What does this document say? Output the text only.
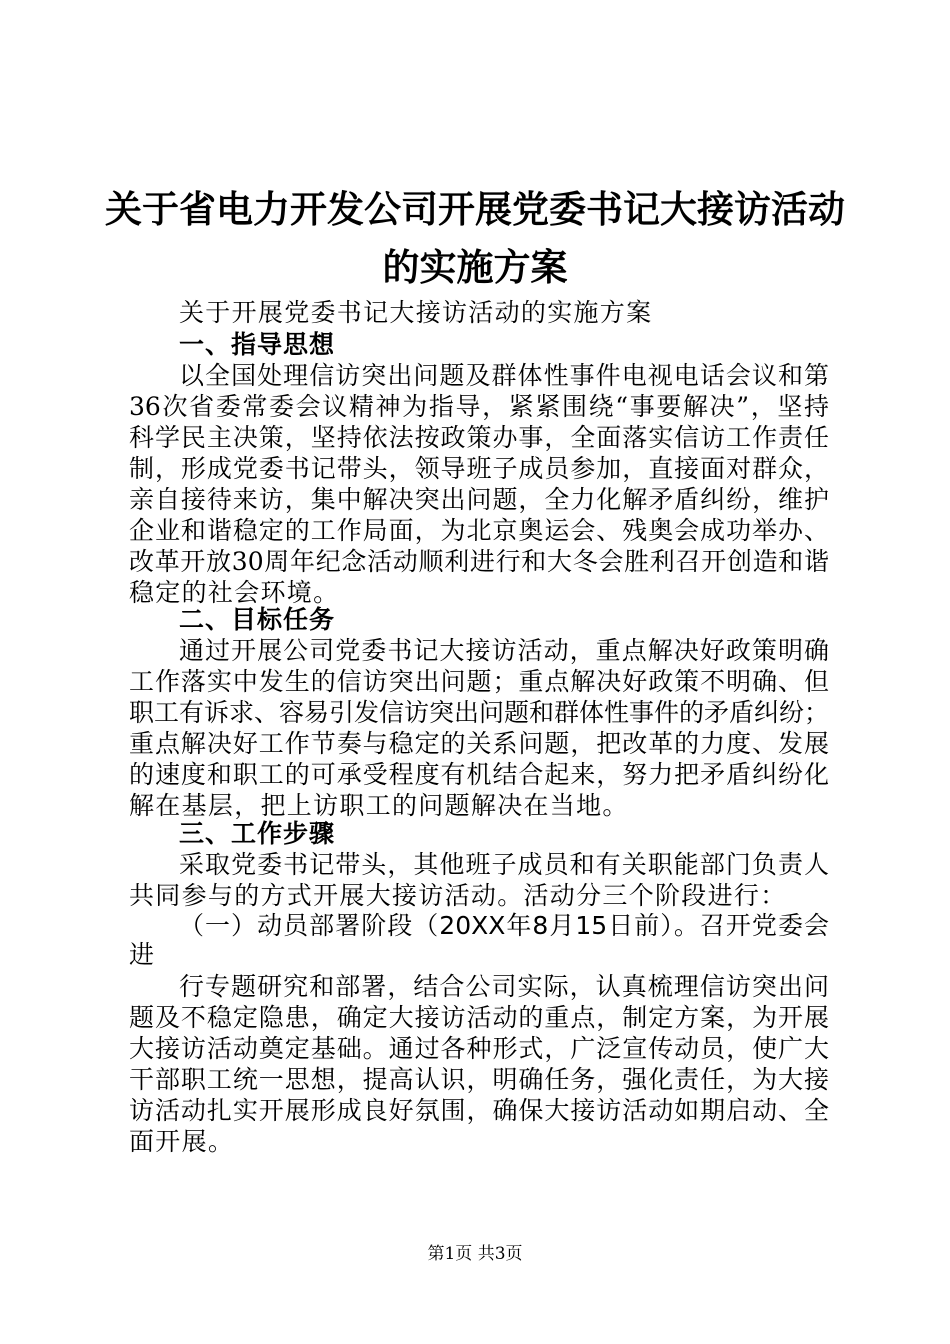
关于省电力开发公司开展党委书记大接访活动
的实施方案
关于开展党委书记大接访活动的实施方案
一、指导思想
以全国处理信访突出问题及群体性事件电视电话会议和第
36次省委常委会议精神为指导，紧紧围绕“事要解决”，坚持
科学民主决策，坚持依法按政策办事，全面落实信访工作责任
制，形成党委书记带头，领导班子成员参加，直接面对群众，
亲自接待来访，集中解决突出问题，全力化解矛盾纠纷，维护
企业和谐稳定的工作局面，为北京奥运会、残奥会成功举办、
改革开放30周年纪念活动顺利进行和大冬会胜利召开创造和谐
稳定的社会环境。
二、目标任务
通过开展公司党委书记大接访活动，重点解决好政策明确
工作落实中发生的信访突出问题；重点解决好政策不明确、但
职工有诉求、容易引发信访突出问题和群体性事件的矛盾纠纷；
重点解决好工作节奏与稳定的关系问题，把改革的力度、发展
的速度和职工的可承受程度有机结合起来，努力把矛盾纠纷化
解在基层，把上访职工的问题解决在当地。
三、工作步骤
采取党委书记带头，其他班子成员和有关职能部门负责人
共同参与的方式开展大接访活动。活动分三个阶段进行：
（一）动员部署阶段（20XX年8月15日前）。召开党委会
进
行专题研究和部署，结合公司实际，认真梳理信访突出问
题及不稳定隐患，确定大接访活动的重点，制定方案，为开展
大接访活动奠定基础。通过各种形式，广泛宣传动员，使广大
干部职工统一思想，提高认识，明确任务，强化责任，为大接
访活动扎实开展形成良好氛围，确保大接访活动如期启动、全
面开展。
第1页 共3页
